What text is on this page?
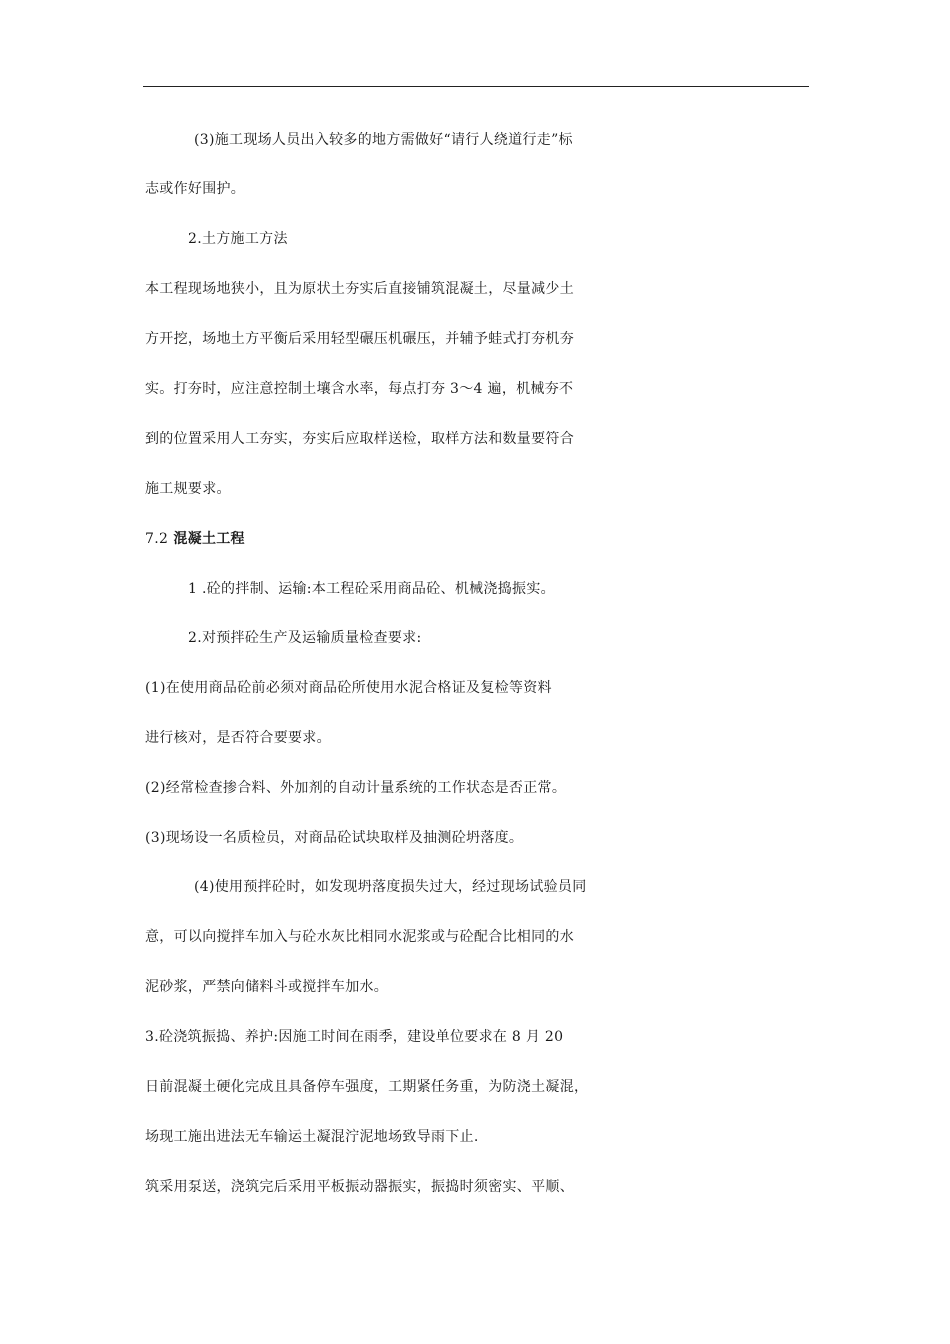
(3)施工现场人员出入较多的地方需做好“请行人绕道行走”标
志或作好围护。
2.土方施工方法
本工程现场地狭小，且为原状土夯实后直接铺筑混凝土，尽量减少土
方开挖，场地土方平衡后采用轻型碾压机碾压，并辅予蛙式打夯机夯
实。打夯时，应注意控制土壤含水率，每点打夯 3～4 遍，机械夯不
到的位置采用人工夯实，夯实后应取样送检，取样方法和数量要符合
施工规要求。
7.2 混凝土工程
1 .砼的拌制、运输:本工程砼采用商品砼、机械浇捣振实。
2.对预拌砼生产及运输质量检查要求:
(1)在使用商品砼前必须对商品砼所使用水泥合格证及复检等资料
进行核对，是否符合要要求。
(2)经常检查掺合料、外加剂的自动计量系统的工作状态是否正常。
(3)现场设一名质检员，对商品砼试块取样及抽测砼坍落度。
(4)使用预拌砼时，如发现坍落度损失过大，经过现场试验员同
意，可以向搅拌车加入与砼水灰比相同水泥浆或与砼配合比相同的水
泥砂浆，严禁向储料斗或搅拌车加水。
3.砼浇筑振捣、养护:因施工时间在雨季，建设单位要求在 8 月 20
日前混凝土硬化完成且具备停车强度，工期紧任务重，为防浇土凝混，
场现工施出进法无车输运土凝混泞泥地场致导雨下止.
筑采用泵送，浇筑完后采用平板振动器振实，振捣时须密实、平顺、
